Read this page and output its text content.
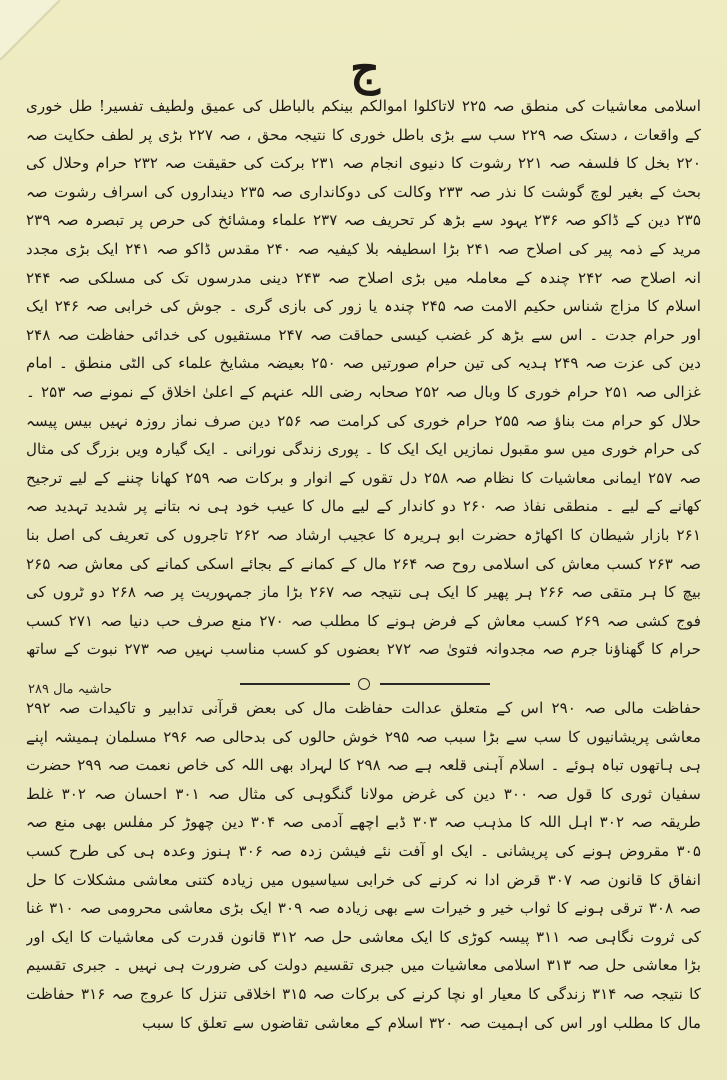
ج

اسلامی معاشیات کی منطق صہ ۲۲۵ لاتاکلوا اموالکم بینکم بالباطل کی عمیق ولطیف تفسیر! طل خوری کے واقعات ، دستک صہ ۲۲۹ سب سے بڑی باطل خوری کا نتیجہ محق ، صہ ۲۲۷ بڑی پر لطف حکایت صہ ۲۲۰ بخل کا فلسفہ صہ ۲۲۱ رشوت کا دنیوی انجام صہ ۲۳۱ برکت کی حقیقت صہ ۲۳۲ حرام وحلال کی بحث کے بغیر لوچ گوشت کا نذر صہ ۲۳۳ وکالت کی دوکانداری صہ ۲۳۵ دینداروں کی اسراف رشوت صہ ۲۳۵ دین کے ڈاکو صہ ۲۳۶ یہود سے بڑھ کر تحریف صہ ۲۳۷ علماء ومشائخ کی حرص پر تبصرہ صہ ۲۳۹ مرید کے ذمہ پیر کی اصلاح صہ ۲۴۱ بڑا اسطیفہ بلا کیفیہ صہ ۲۴۰ مقدس ڈاکو صہ ۲۴۱ ایک بڑی مجدد انہ اصلاح صہ ۲۴۲ چندہ کے معاملہ میں بڑی اصلاح صہ ۲۴۳ دینی مدرسوں تک کی مسلکی صہ ۲۴۴ اسلام کا مزاج شناس حکیم الامت صہ ۲۴۵ چندہ یا زور کی بازی گری ۔ جوش کی خرابی صہ ۲۴۶ ایک اور حرام جدت ۔ اس سے بڑھ کر غضب کیسی حماقت صہ ۲۴۷ مستقیوں کی خدائی حفاظت صہ ۲۴۸ دین کی عزت صہ ۲۴۹ ہدیہ کی تین حرام صورتیں صہ ۲۵۰ بعیضہ مشایخ علماء کی الٹی منطق ۔ امام غزالی صہ ۲۵۱ حرام خوری کا وبال صہ ۲۵۲ صحابہ رضی اللہ عنہم کے اعلیٰ اخلاق کے نمونے صہ ۲۵۳ ۔ حلال کو حرام مت بناؤ صہ ۲۵۵ حرام خوری کی کرامت صہ ۲۵۶ دین صرف نماز روزہ نہیں بیس پیسہ کی حرام خوری میں سو مقبول نمازیں ایک ایک کا ۔ پوری زندگی نورانی ۔ ایک گیارہ ویں بزرگ کی مثال صہ ۲۵۷ ایمانی معاشیات کا نظام صہ ۲۵۸ دل تقوں کے انوار و برکات صہ ۲۵۹ کھانا چننے کے لیے ترجیح کھانے کے لیے ۔ منطقی نفاذ صہ ۲۶۰ دو کاندار کے لیے مال کا عیب خود ہی نہ بتانے پر شدید تہدید صہ ۲۶۱ بازار شیطان کا اکھاڑہ حضرت ابو ہریرہ کا عجیب ارشاد صہ ۲۶۲ تاجروں کی تعریف کی اصل بنا صہ ۲۶۳ کسب معاش کی اسلامی روح صہ ۲۶۴ مال کے کمانے کے بجائے اسکی کمانے کی معاش صہ ۲۶۵ بیچ کا ہر متقی صہ ۲۶۶ ہر پھیر کا ایک ہی نتیجہ صہ ۲۶۷ بڑا ماز جمہوریت پر صہ ۲۶۸ دو ٹروں کی فوج کشی صہ ۲۶۹ کسب معاش کے فرض ہونے کا مطلب صہ ۲۷۰ منع صرف حب دنیا صہ ۲۷۱ کسب حرام کا گھناؤنا جرم صہ مجدوانہ فتویٰ صہ ۲۷۲ بعضوں کو کسب مناسب نہیں صہ ۲۷۳ نبوت کے ساتھ

حاشیہ مال ۲۸۹

حفاظت مالی صہ ۲۹۰ اس کے متعلق عدالت حفاظت مال کی بعض قرآنی تدابیر و تاکیدات صہ ۲۹۲ معاشی پریشانیوں کا سب سے بڑا سبب صہ ۲۹۵ خوش حالوں کی بدحالی صہ ۲۹۶ مسلمان ہمیشہ اپنے ہی ہاتھوں تباہ ہوئے ۔ اسلام آہنی قلعہ ہے صہ ۲۹۸ کا لہراد بھی اللہ کی خاص نعمت صہ ۲۹۹ حضرت سفیان ثوری کا قول صہ ۳۰۰ دین کی غرض مولانا گنگوہی کی مثال صہ ۳۰۱ احسان صہ ۳۰۲ غلط طریقہ صہ ۳۰۲ اہل اللہ کا مذہب صہ ۳۰۳ ڈبے اچھے آدمی صہ ۳۰۴ دین چھوڑ کر مفلس بھی منع صہ ۳۰۵ مقروض ہونے کی پریشانی ۔ ایک او آفت نئے فیشن زدہ صہ ۳۰۶ ہنوز وعدہ ہی کی طرح کسب انفاق کا قانون صہ ۳۰۷ قرض ادا نہ کرنے کی خرابی سیاسیوں میں زیادہ کتنی معاشی مشکلات کا حل صہ ۳۰۸ ترقی ہونے کا ثواب خیر و خیرات سے بھی زیادہ صہ ۳۰۹ ایک بڑی معاشی محرومی صہ ۳۱۰ غنا کی ثروت نگاہی صہ ۳۱۱ پیسہ کوڑی کا ایک معاشی حل صہ ۳۱۲ قانون قدرت کی معاشیات کا ایک اور بڑا معاشی حل صہ ۳۱۳ اسلامی معاشیات میں جبری تقسیم دولت کی ضرورت ہی نہیں ۔ جبری تقسیم کا نتیجہ صہ ۳۱۴ زندگی کا معیار او نچا کرنے کی برکات صہ ۳۱۵ اخلاقی تنزل کا عروج صہ ۳۱۶ حفاظت مال کا مطلب اور اس کی اہمیت صہ ۳۲۰ اسلام کے معاشی تقاضوں سے تعلق کا سبب
